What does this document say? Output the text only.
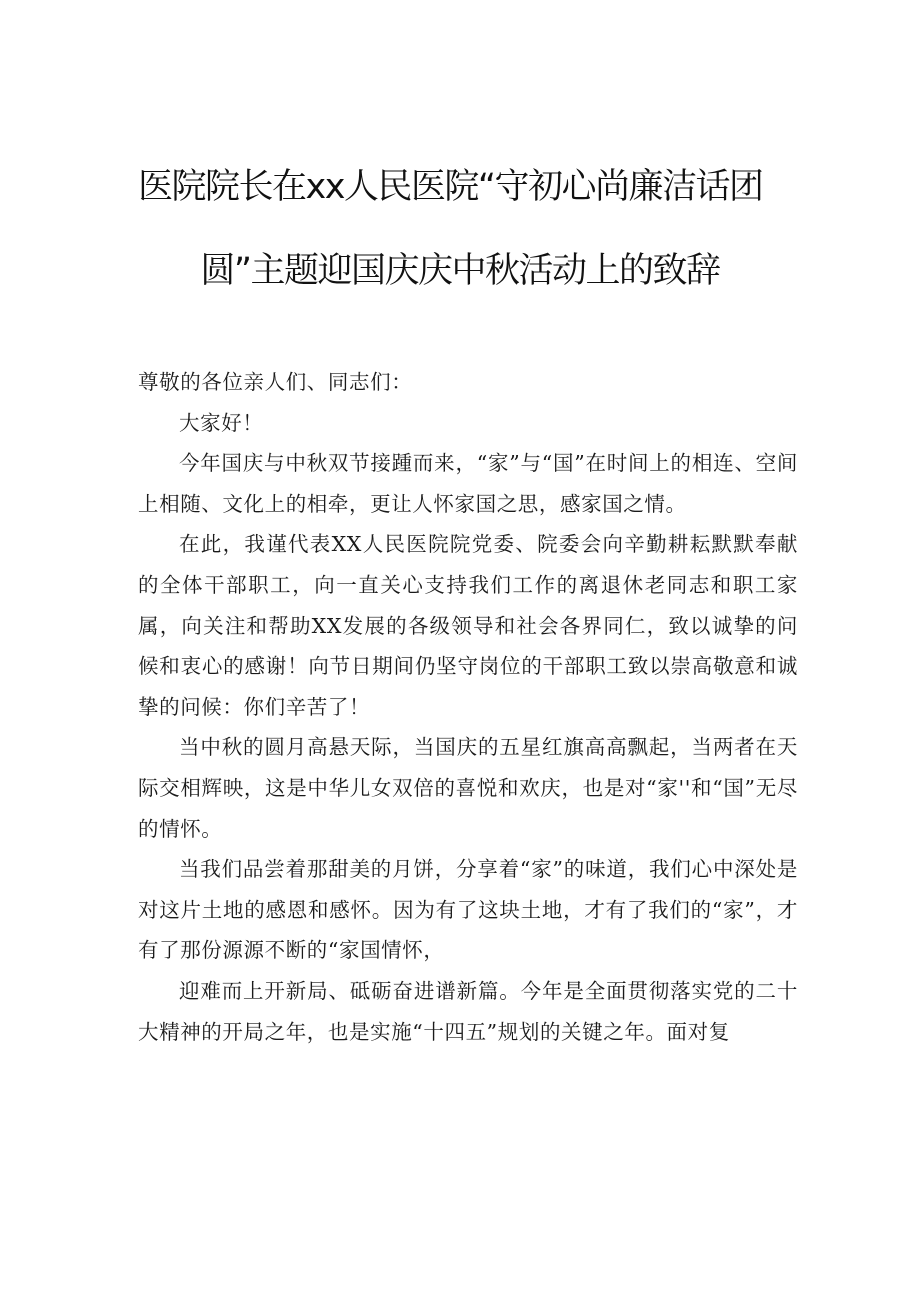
医院院长在xx人民医院“守初心尚廉洁话团
圆”主题迎国庆庆中秋活动上的致辞

尊敬的各位亲人们、同志们：

大家好！

今年国庆与中秋双节接踵而来，“家”与“国”在时间上的相连、空间上相随、文化上的相牵，更让人怀家国之思，感家国之情。

在此，我谨代表XX人民医院院党委、院委会向辛勤耕耘默默奉献的全体干部职工，向一直关心支持我们工作的离退休老同志和职工家属，向关注和帮助XX发展的各级领导和社会各界同仁，致以诚挚的问候和衷心的感谢！向节日期间仍坚守岗位的干部职工致以崇高敬意和诚挚的问候：你们辛苦了！

当中秋的圆月高悬天际，当国庆的五星红旗高高飘起，当两者在天际交相辉映，这是中华儿女双倍的喜悦和欢庆，也是对“家''和“国”无尽的情怀。

当我们品尝着那甜美的月饼，分享着“家”的味道，我们心中深处是对这片土地的感恩和感怀。因为有了这块土地，才有了我们的“家”，才有了那份源源不断的“家国情怀，

迎难而上开新局、砥砺奋进谱新篇。今年是全面贯彻落实党的二十大精神的开局之年，也是实施“十四五”规划的关键之年。面对复
